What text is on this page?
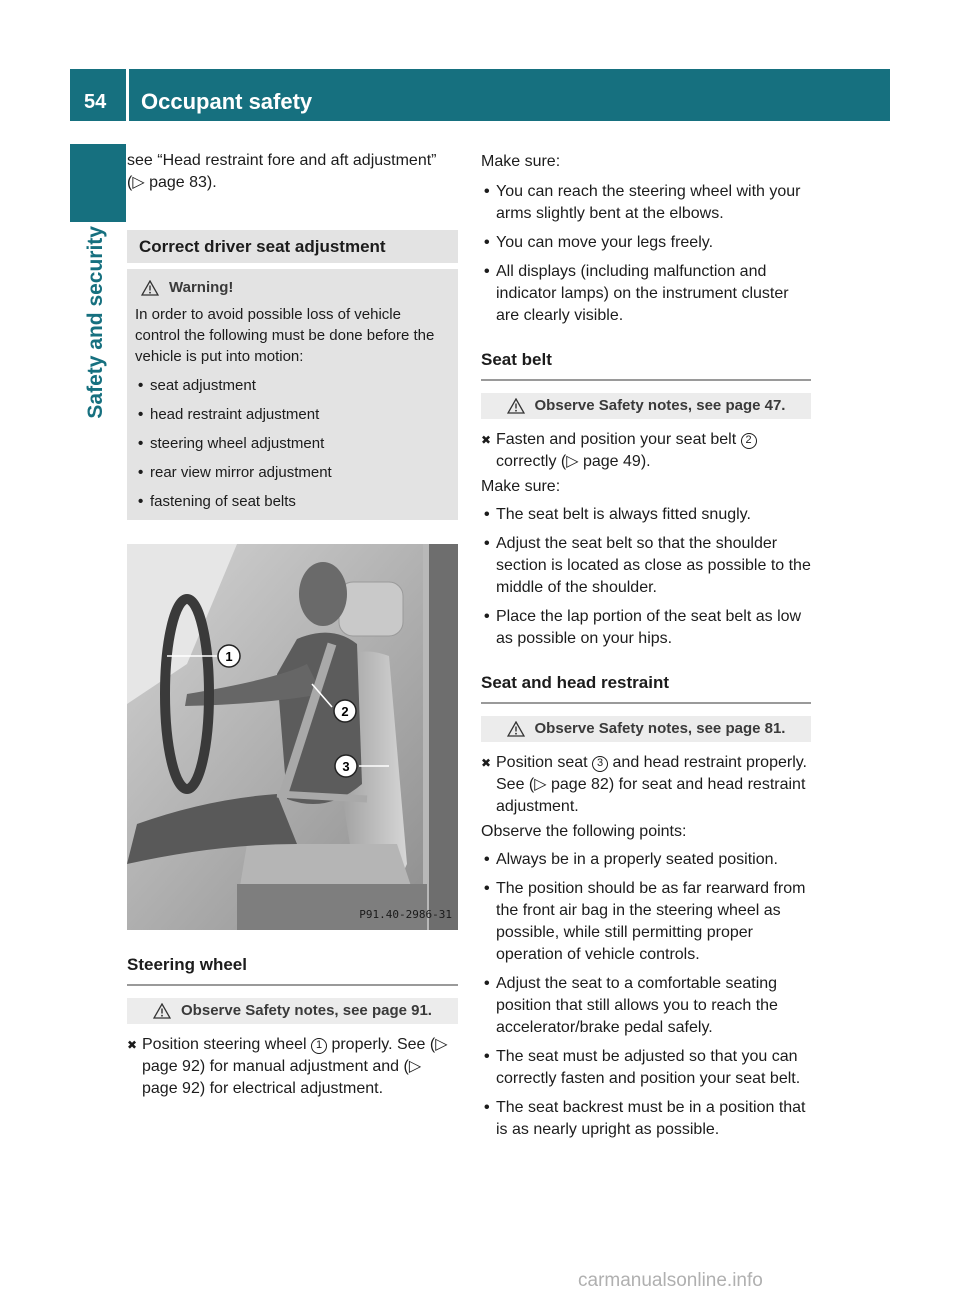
54 Occupant safety
Safety and security

see “Head restraint fore and aft adjustment” (▷ page 83).

Correct driver seat adjustment
Warning!

In order to avoid possible loss of vehicle control the following must be done before the vehicle is put into motion:

• seat adjustment
• head restraint adjustment
• steering wheel adjustment
• rear view mirror adjustment
• fastening of seat belts
1
2
3
P91.40-2986-31
Steering wheel
Observe Safety notes, see page 91.
✖ Position steering wheel 1 properly. See (▷ page 92) for manual adjustment and (▷ page 92) for electrical adjustment.

Make sure:

• You can reach the steering wheel with your arms slightly bent at the elbows.
• You can move your legs freely.
• All displays (including malfunction and indicator lamps) on the instrument cluster are clearly visible.
Seat belt
Observe Safety notes, see page 47.
✖ Fasten and position your seat belt 2 correctly (▷ page 49).

Make sure:

• The seat belt is always fitted snugly.
• Adjust the seat belt so that the shoulder section is located as close as possible to the middle of the shoulder.
• Place the lap portion of the seat belt as low as possible on your hips.
Seat and head restraint
Observe Safety notes, see page 81.
✖ Position seat 3 and head restraint properly. See (▷ page 82) for seat and head restraint adjustment.

Observe the following points:

• Always be in a properly seated position.
• The position should be as far rearward from the front air bag in the steering wheel as possible, while still permitting proper operation of vehicle controls.
• Adjust the seat to a comfortable seating position that still allows you to reach the accelerator/brake pedal safely.
• The seat must be adjusted so that you can correctly fasten and position your seat belt.
• The seat backrest must be in a position that is as nearly upright as possible.
carmanualsonline.info
